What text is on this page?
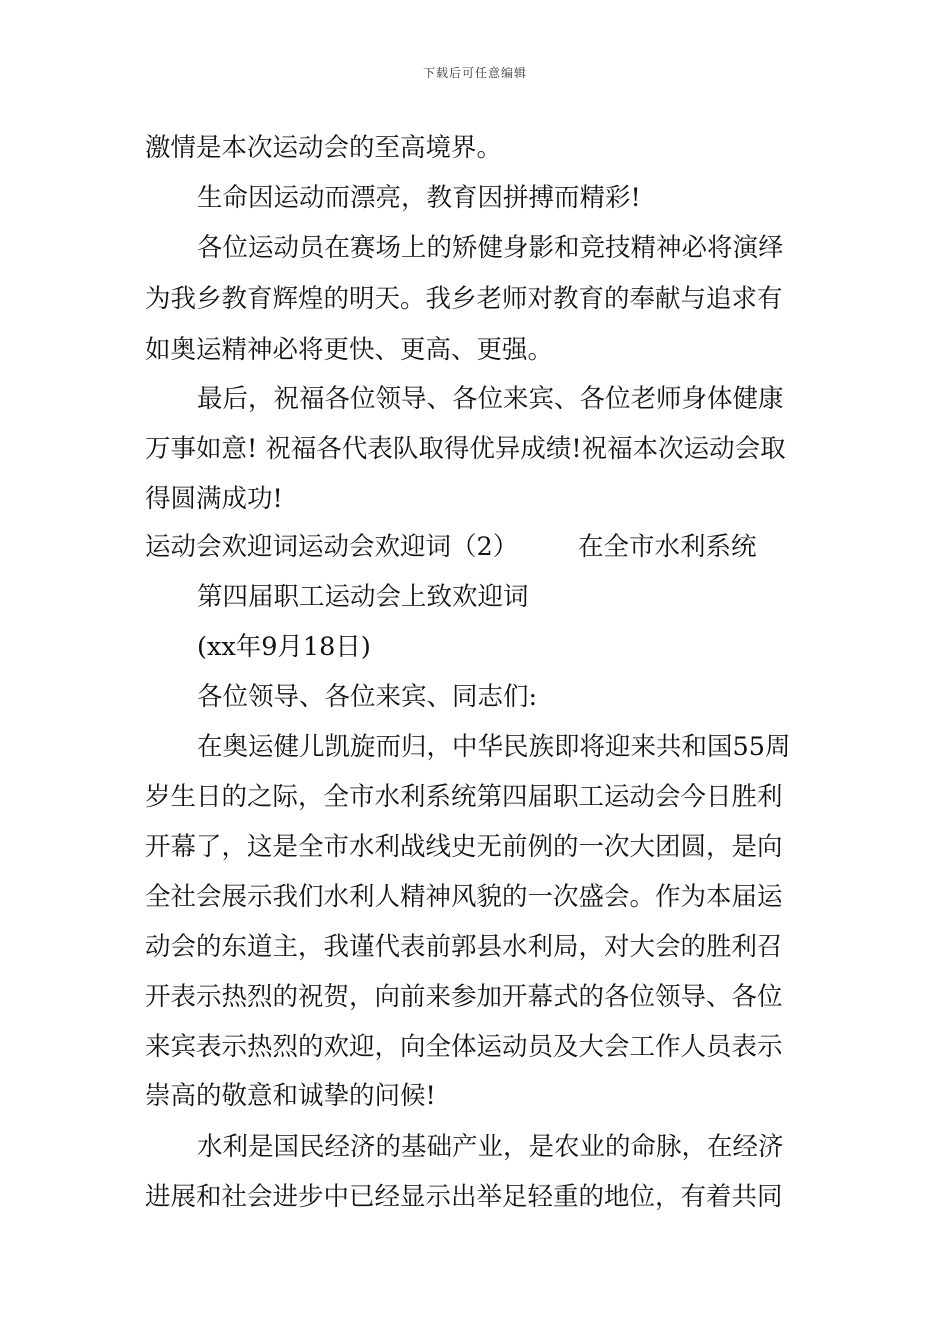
下载后可任意编辑
激情是本次运动会的至高境界。
生命因运动而漂亮，教育因拼搏而精彩!
各位运动员在赛场上的矫健身影和竞技精神必将演绎
为我乡教育辉煌的明天。我乡老师对教育的奉献与追求有
如奥运精神必将更快、更高、更强。
最后，祝福各位领导、各位来宾、各位老师身体健康
万事如意! 祝福各代表队取得优异成绩!祝福本次运动会取
得圆满成功!
运动会欢迎词运动会欢迎词（2）	在全市水利系统
第四届职工运动会上致欢迎词
(xx年9月18日)
各位领导、各位来宾、同志们:
在奥运健儿凯旋而归，中华民族即将迎来共和国55周
岁生日的之际，全市水利系统第四届职工运动会今日胜利
开幕了，这是全市水利战线史无前例的一次大团圆，是向
全社会展示我们水利人精神风貌的一次盛会。作为本届运
动会的东道主，我谨代表前郭县水利局，对大会的胜利召
开表示热烈的祝贺，向前来参加开幕式的各位领导、各位
来宾表示热烈的欢迎，向全体运动员及大会工作人员表示
崇高的敬意和诚挚的问候!
水利是国民经济的基础产业，是农业的命脉，在经济
进展和社会进步中已经显示出举足轻重的地位，有着共同
